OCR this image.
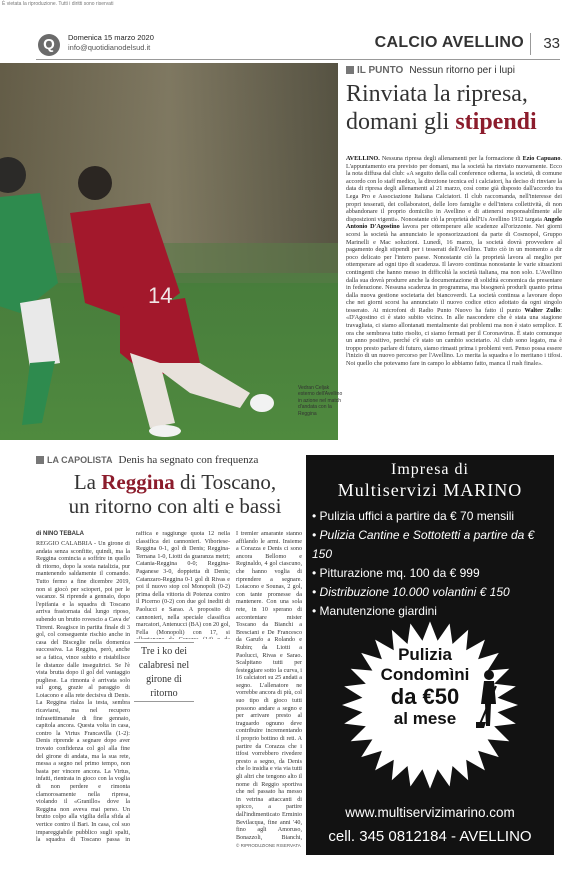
È vietata la riproduzione. Tutti i diritti sono riservati
Q	Domenica 15 marzo 2020
info@quotidianodelsud.it	CALCIO AVELLINO	33
14
Vedran Celjak esterno dell'Avellino in azione nel match d'andata con la Reggina
IL PUNTO Nessun ritorno per i lupi
Rinviata la ripresa,
domani gli stipendi
AVELLINO. Nessuna ripresa degli allenamenti per la formazione di Ezio Capuano. L'appuntamento era previsto per domani, ma la società ha rinviato nuovamente. Ecco la nota diffusa dal club: «A seguito della call conference odierna, la società, di comune accordo con lo staff medico, la direzione tecnica ed i calciatori, ha deciso di rinviare la data di ripresa degli allenamenti al 21 marzo, così come già disposto dall'accordo tra Lega Pro e Associazione Italiana Calciatori. Il club raccomanda, nell'interesse dei propri tesserati, dei collaboratori, delle loro famiglie e dell'intera collettività, di non abbandonare il proprio domicilio in Avellino e di attenersi responsabilmente alle disposizioni vigenti». Nonostante ciò la proprietà dell'Us Avellino 1912 targata Angelo Antonio D'Agostino lavora per ottemperare alle scadenze all'orizzonte. Nei giorni scorsi la società ha annunciato le sponsorizzazioni da parte di Cosmopol, Gruppo Marinelli e Mac soluzioni. Lunedì, 16 marzo, la società dovrà provvedere al pagamento degli stipendi per i tesserati dell'Avellino. Tutto ciò in un momento a dir poco delicato per l'intero paese. Nonostante ciò la proprietà lavora al meglio per ottemperare ad ogni tipo di scadenza. Il lavoro continua nonostante le varie situazioni contingenti che hanno messo in difficoltà la società italiana, ma non solo. L'Avellino dalla sua dovrà produrre anche la documentazione di solidità economica da presentare in federazione. Nessuna scadenza in programma, ma bisognerà produrli quanto prima dalla nuova gestione societaria dei biancoverdi. La società continua a lavorare dopo che nei giorni scorsi ha annunciato il nuovo codice etico adottato da ogni singolo tesserato. Ai microfoni di Radio Punto Nuovo ha fatto il punto Walter Zullo: «D'Agostino ci è stato subito vicino. In alle nascondere che è stata una stagione travagliata, ci siamo allontanati mentalmente dai problemi ma non è stato semplice. E ora che sembrava tutto risolto, ci siamo fermati per il Coronavirus. È stato comunque un anno positivo, perché c'è stato un cambio societario. Al club sono legato, ma è troppo presto parlare di futuro, siamo rimasti prima i problemi veri. Penso possa essere l'inizio di un nuovo percorso per l'Avellino. Lo merita la squadra e lo meritano i tifosi. Noi quello che potevamo fare in campo lo abbiamo fatto, manca il rush finale».
LA CAPOLISTA Denis ha segnato con frequenza
La Reggina di Toscano,
un ritorno con alti e bassi
di NINO TEBALA
REGGIO CALABRIA - Un girone di andata senza sconfitte, quindi, ma la Reggina comincia a soffrire in quello di ritorno, dopo la sosta natalizia, pur mantenendo saldamente il comando. Tutto fermo a fine dicembre 2019, non si giocò per scioperi, poi per le vacanze. Si riprende a gennaio, dopo l'epifania e la squadra di Toscano arriva frastornata dal lungo riposo, subendo un brutto rovescio a Cava de' Tirreni. Reagisce in partita finale di 3 gol, col conseguente rischio anche in casa del Bisceglie nella domenica successiva. La Reggina, però, anche se a fatica, vince subito e ristabilisce le distanze dalle inseguitrici. Se l'è vista brutta dopo il gol del vantaggio pugliese. La rimonta è arrivata solo sul gong, grazie al paraggio di Loiacono e alla rete decisiva di Denis. La Reggina rialza la testa, sembra ricaviarsi, ma nel recupero infrasettimanale di fine gennaio, capitola ancora. Questa volta in casa, contro la Virtus Francavilla (1-2): Denis riprende a segnare dopo aver trovato confidenza col gol alla fine del girone di andata, ma la sua rete, messa a segno nel primo tempo, non basta per vincere ancora. La Virtus, infatti, rientrata in gioco con la voglia di non perdere e rimonta clamorosamente nella ripresa, violando il «Granillo» dove la Reggina non aveva mai perso. Un brutto colpo alla vigilia della sfida al vertice contro il Bari. In casa, col suo impareggiabile pubblico sugli spalti, la squadra di Toscano passa in
raffica e raggiunge quota 12 nella classifica dei cannonieri. Viboriese-Reggina 0-1, gol di Denis; Reggina-Ternana 1-0, Liotti da guaranza metri; Catania-Reggina 0-0; Reggina-Paganese 3-0, doppietta di Denis; Catanzaro-Reggina 0-1 gol di Rivas e poi il nuovo stop col Monopoli (0-2) prima della vittoria di Potenza contro il Picerno (0-2) con due gol inediti di Paolucci e Sarao. A proposito di cannonieri, nella speciale classifica marcatori, Antenucci (BA) con 20 gol, Fella (Monopoli) con 17, si
Tre i ko dei calabresi nel girone di ritorno
I tremler amarante stanno affilando le armi. Insieme a Corazza e Denis ci sono ancora Bellomo e Reginaldo, 4 gol ciascuno, che hanno voglia di riprendere a segnare. Loiacono e Sounas, 2 gol, con tante promesse da mantenere. Con una sola rete, in 10 sperano di accontentare mister Toscano da Bianchi a Bresciani e De Francesco da Garufo a Rolando e Rubin; da Liotti a Paolucci, Rivas e Sarao. Scalpitano tutti per festeggiare sotto la curva, i 16 calciatori su 25 andati a segno. L'allenatore ne vorrebbe ancora di più, col suo tipo di gioco tutti possono andare a segno e per arrivare presto al traguardo ognuno deve contribuire incrementando il proprio bottino di reti. A partire da Corazza che i tifosi vorrebbero rivedere presto a segno, da Denis che lo insidia e via via tutti gli altri che tengono alto il nome di Reggio sportiva che nel passato ha messo in vetrina attaccanti di spicco, a partire dall'indimenticato Erminio Bevilacqua, fine anni '40, fino agli Amoruso, Bonazzoli, Bianchi,
© RIPRODUZIONE RISERVATA
Impresa di
Multiservizi MARINO
• Pulizia uffici a partire da € 70 mensili
• Pulizia Cantine e Sottotetti a partire da € 150
• Pitturazione mq. 100 da € 999
• Distribuzione 10.000 volantini € 150
• Manutenzione giardini
Pulizia
Condomìni
da €50
al mese
www.multiservizimarino.com
cell. 345 0812184 - AVELLINO
